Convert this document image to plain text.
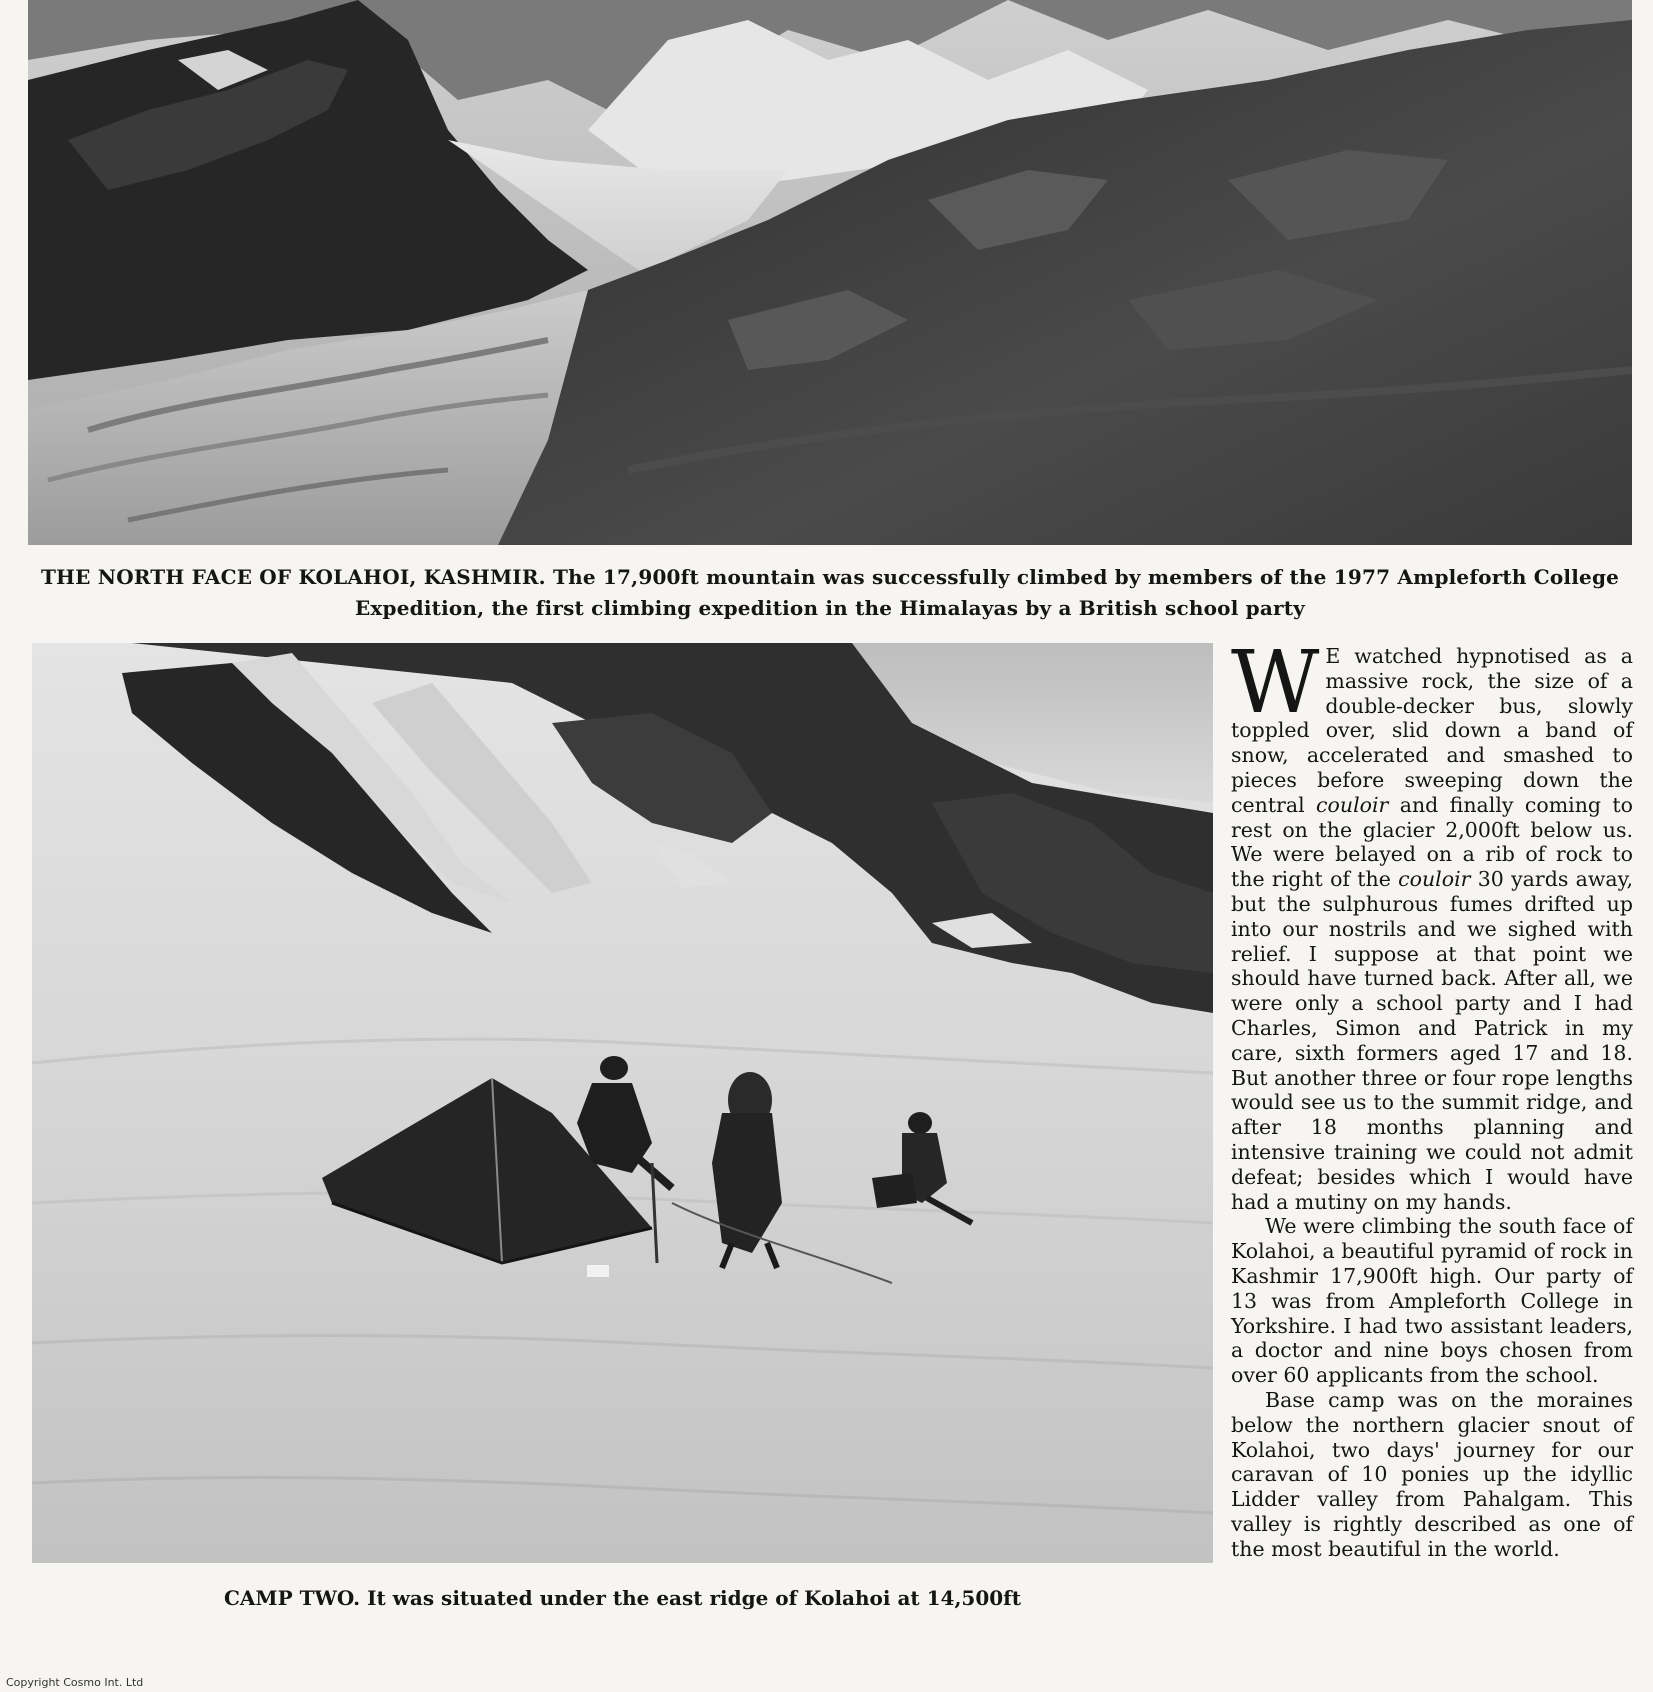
THE NORTH FACE OF KOLAHOI, KASHMIR. The 17,900ft mountain was successfully climbed by members of the 1977 Ampleforth College Expedition, the first climbing expedition in the Himalayas by a British school party
CAMP TWO. It was situated under the east ridge of Kolahoi at 14,500ft

W E watched hypnotised as a massive rock, the size of a double-decker bus, slowly toppled over, slid down a band of snow, accelerated and smashed to pieces before sweeping down the central couloir and finally coming to rest on the glacier 2,000ft below us. We were belayed on a rib of rock to the right of the couloir 30 yards away, but the sulphurous fumes drifted up into our nostrils and we sighed with relief. I suppose at that point we should have turned back. After all, we were only a school party and I had Charles, Simon and Patrick in my care, sixth formers aged 17 and 18. But another three or four rope lengths would see us to the summit ridge, and after 18 months planning and intensive training we could not admit defeat; besides which I would have had a mutiny on my hands.

We were climbing the south face of Kolahoi, a beautiful pyramid of rock in Kashmir 17,900ft high. Our party of 13 was from Ampleforth College in Yorkshire. I had two assistant leaders, a doctor and nine boys chosen from over 60 applicants from the school.

Base camp was on the moraines below the northern glacier snout of Kolahoi, two days' journey for our caravan of 10 ponies up the idyllic Lidder valley from Pahalgam. This valley is rightly described as one of the most beautiful in the world.

Copyright Cosmo Int. Ltd
